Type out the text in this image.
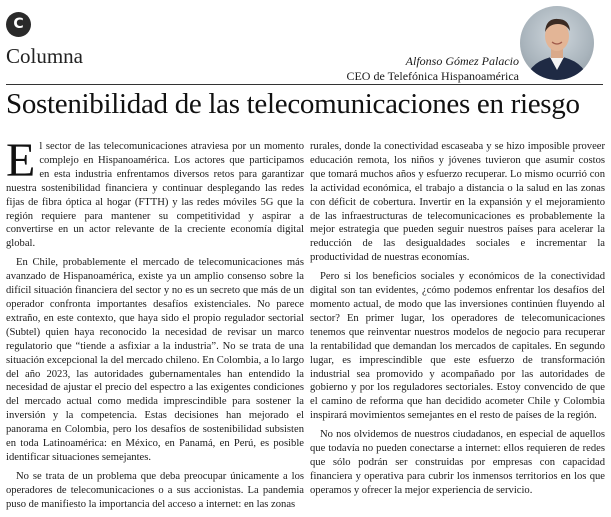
C
Columna	Alfonso Gómez Palacio
CEO de Telefónica Hispanoamérica
Sostenibilidad de las telecomunicaciones en riesgo

El sector de las telecomunicaciones atraviesa por un momento complejo en Hispanoamérica. Los actores que participamos en esta industria enfrentamos diversos retos para garantizar nuestra sostenibilidad financiera y continuar desplegando las redes fijas de fibra óptica al hogar (FTTH) y las redes móviles 5G que la región requiere para mantener su competitividad y aspirar a convertirse en un actor relevante de la creciente economía digital global.

En Chile, probablemente el mercado de telecomunicaciones más avanzado de Hispanoamérica, existe ya un amplio consenso sobre la difícil situación financiera del sector y no es un secreto que más de un operador confronta importantes desafíos existenciales. No parece extraño, en este contexto, que haya sido el propio regulador sectorial (Subtel) quien haya reconocido la necesidad de revisar un marco regulatorio que “tiende a asfixiar a la industria”. No se trata de una situación excepcional la del mercado chileno. En Colombia, a lo largo del año 2023, las autoridades gubernamentales han entendido la necesidad de ajustar el precio del espectro a las exigentes condiciones del mercado actual como medida imprescindible para sostener la inversión y la competencia. Estas decisiones han mejorado el panorama en Colombia, pero los desafíos de sostenibilidad subsisten en toda Latinoamérica: en México, en Panamá, en Perú, es posible identificar situaciones semejantes.

No se trata de un problema que deba preocupar únicamente a los operadores de telecomunicaciones o a sus accionistas. La pandemia puso de manifiesto la importancia del acceso a internet: en las zonas

rurales, donde la conectividad escaseaba y se hizo imposible proveer educación remota, los niños y jóvenes tuvieron que asumir costos que tomará muchos años y esfuerzo recuperar. Lo mismo ocurrió con la actividad económica, el trabajo a distancia o la salud en las zonas con déficit de cobertura. Invertir en la expansión y el mejoramiento de las infraestructuras de telecomunicaciones es probablemente la mejor estrategia que pueden seguir nuestros países para acelerar la reducción de las desigualdades sociales e incrementar la productividad de nuestras economías.

Pero si los beneficios sociales y económicos de la conectividad digital son tan evidentes, ¿cómo podemos enfrentar los desafíos del momento actual, de modo que las inversiones continúen fluyendo al sector? En primer lugar, los operadores de telecomunicaciones tenemos que reinventar nuestros modelos de negocio para recuperar la rentabilidad que demandan los mercados de capitales. En segundo lugar, es imprescindible que este esfuerzo de transformación industrial sea promovido y acompañado por las autoridades de gobierno y por los reguladores sectoriales. Estoy convencido de que el camino de reforma que han decidido acometer Chile y Colombia inspirará movimientos semejantes en el resto de países de la región.

No nos olvidemos de nuestros ciudadanos, en especial de aquellos que todavía no pueden conectarse a internet: ellos requieren de redes que sólo podrán ser construidas por empresas con capacidad financiera y operativa para cubrir los inmensos territorios en los que operamos y ofrecer la mejor experiencia de servicio.
